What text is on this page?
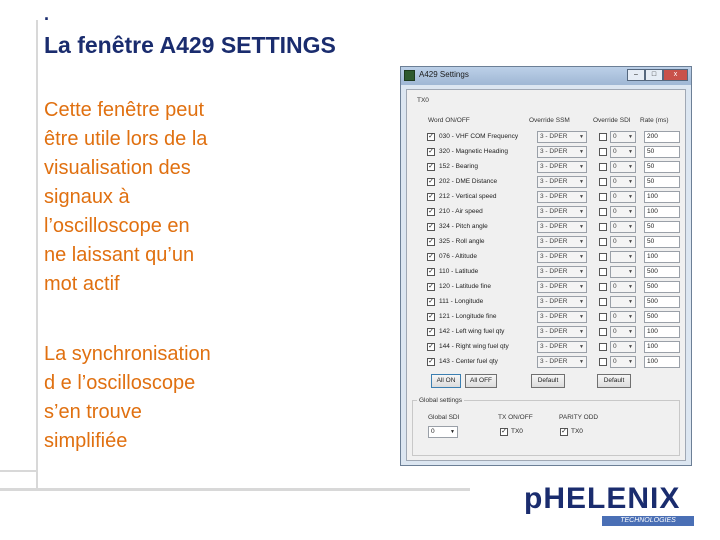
.
La fenêtre A429 SETTINGS
Cette fenêtre peut
être utile lors de la
visualisation des
signaux à
l’oscilloscope en
ne laissant qu’un
mot actif
La synchronisation
d e l’oscilloscope
s’en trouve
simplifiée
A429 Settings	–	□	x
TX0
Word ON/OFF	Override SSM	Override SDI Rate (ms)
✓ 030 - VHF COM Frequency	3 - DPER ▼	0 ▼	200
✓ 320 - Magnetic Heading	3 - DPER ▼	0 ▼	50
✓ 152 - Bearing	3 - DPER ▼	0 ▼	50
✓ 202 - DME Distance	3 - DPER ▼	0 ▼	50
✓ 212 - Vertical speed	3 - DPER ▼	0 ▼	100
✓ 210 - Air speed	3 - DPER ▼	0 ▼	100
✓ 324 - Pitch angle	3 - DPER ▼	0 ▼	50
✓ 325 - Roll angle	3 - DPER ▼	0 ▼	50
✓ 076 - Altitude	3 - DPER ▼	▼	100
✓ 110 - Latitude	3 - DPER ▼	▼	500
✓ 120 - Latitude fine	3 - DPER ▼	0 ▼	500
✓ 111 - Longitude	3 - DPER ▼	▼	500
✓ 121 - Longitude fine	3 - DPER ▼	0 ▼	500
✓ 142 - Left wing fuel qty	3 - DPER ▼	0 ▼	100
✓ 144 - Right wing fuel qty	3 - DPER ▼	0 ▼	100
✓ 143 - Center fuel qty	3 - DPER ▼	0 ▼	100
All ON	All OFF	Default	Default
Global settings
Global SDI	TX ON/OFF	PARITY ODD
0	▼	✓ TX0	✓ TX0
pHELENIX
TECHNOLOGIES
